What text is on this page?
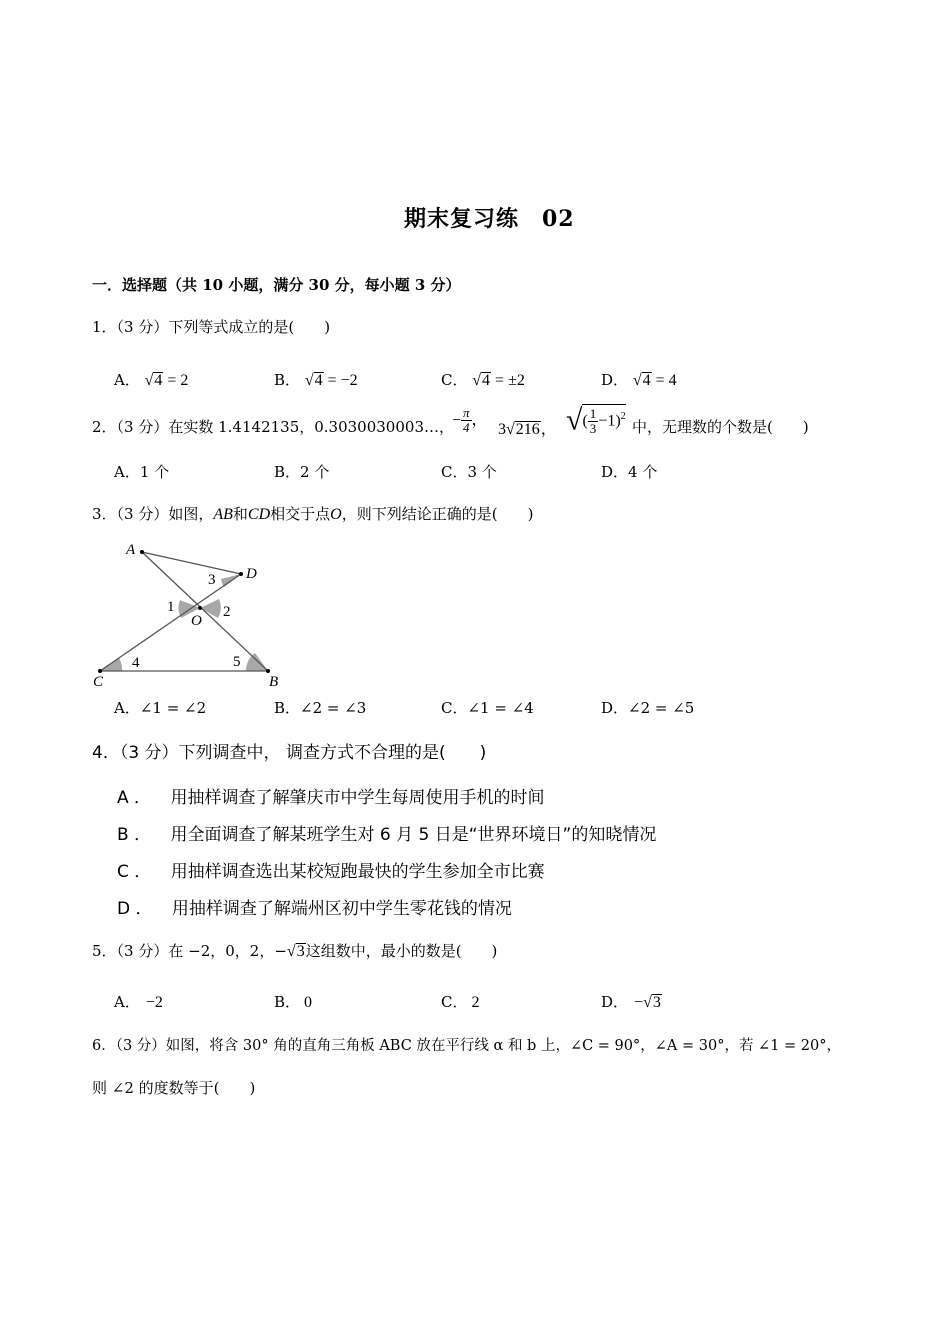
期末复习练　02
一．选择题（共 10 小题，满分 30 分，每小题 3 分）
1．（3 分）下列等式成立的是(　　)
A． √4 = 2	B． √4 = −2	C． √4 = ±2	D． √4 = 4
2．（3 分）在实数 1.4142135，0.3030030003…，
− $\frac{\pi}{4}$ ，
3√216， √( $\frac{1}{3} -1)^2$
中，无理数的个数是(　　)
A．1 个	B．2 个	C．3 个	D．4 个
3．（3 分）如图，AB和CD相交于点O，则下列结论正确的是(　　)
A
D
O
C	B
1	2
3
4	5
A．∠1 = ∠2	B．∠2 = ∠3	C．∠1 = ∠4	D．∠2 = ∠5
4．（3 分）下列调查中， 调查方式不合理的是(　　)
A ． 用抽样调查了解肇庆市中学生每周使用手机的时间
B ． 用全面调查了解某班学生对 6 月 5 日是“世界环境日”的知晓情况
C ． 用抽样调查选出某校短跑最快的学生参加全市比赛
D ． 用抽样调查了解端州区初中学生零花钱的情况
5．（3 分）在 −2，0，2，−√3这组数中，最小的数是(　　)
A． −2	B． 0	C． 2	D． −√3
6．（3 分）如图，将含 30° 角的直角三角板 ABC 放在平行线 α 和 b 上，∠C = 90°，∠A = 30°，若 ∠1 = 20°，
则 ∠2 的度数等于(　　)
